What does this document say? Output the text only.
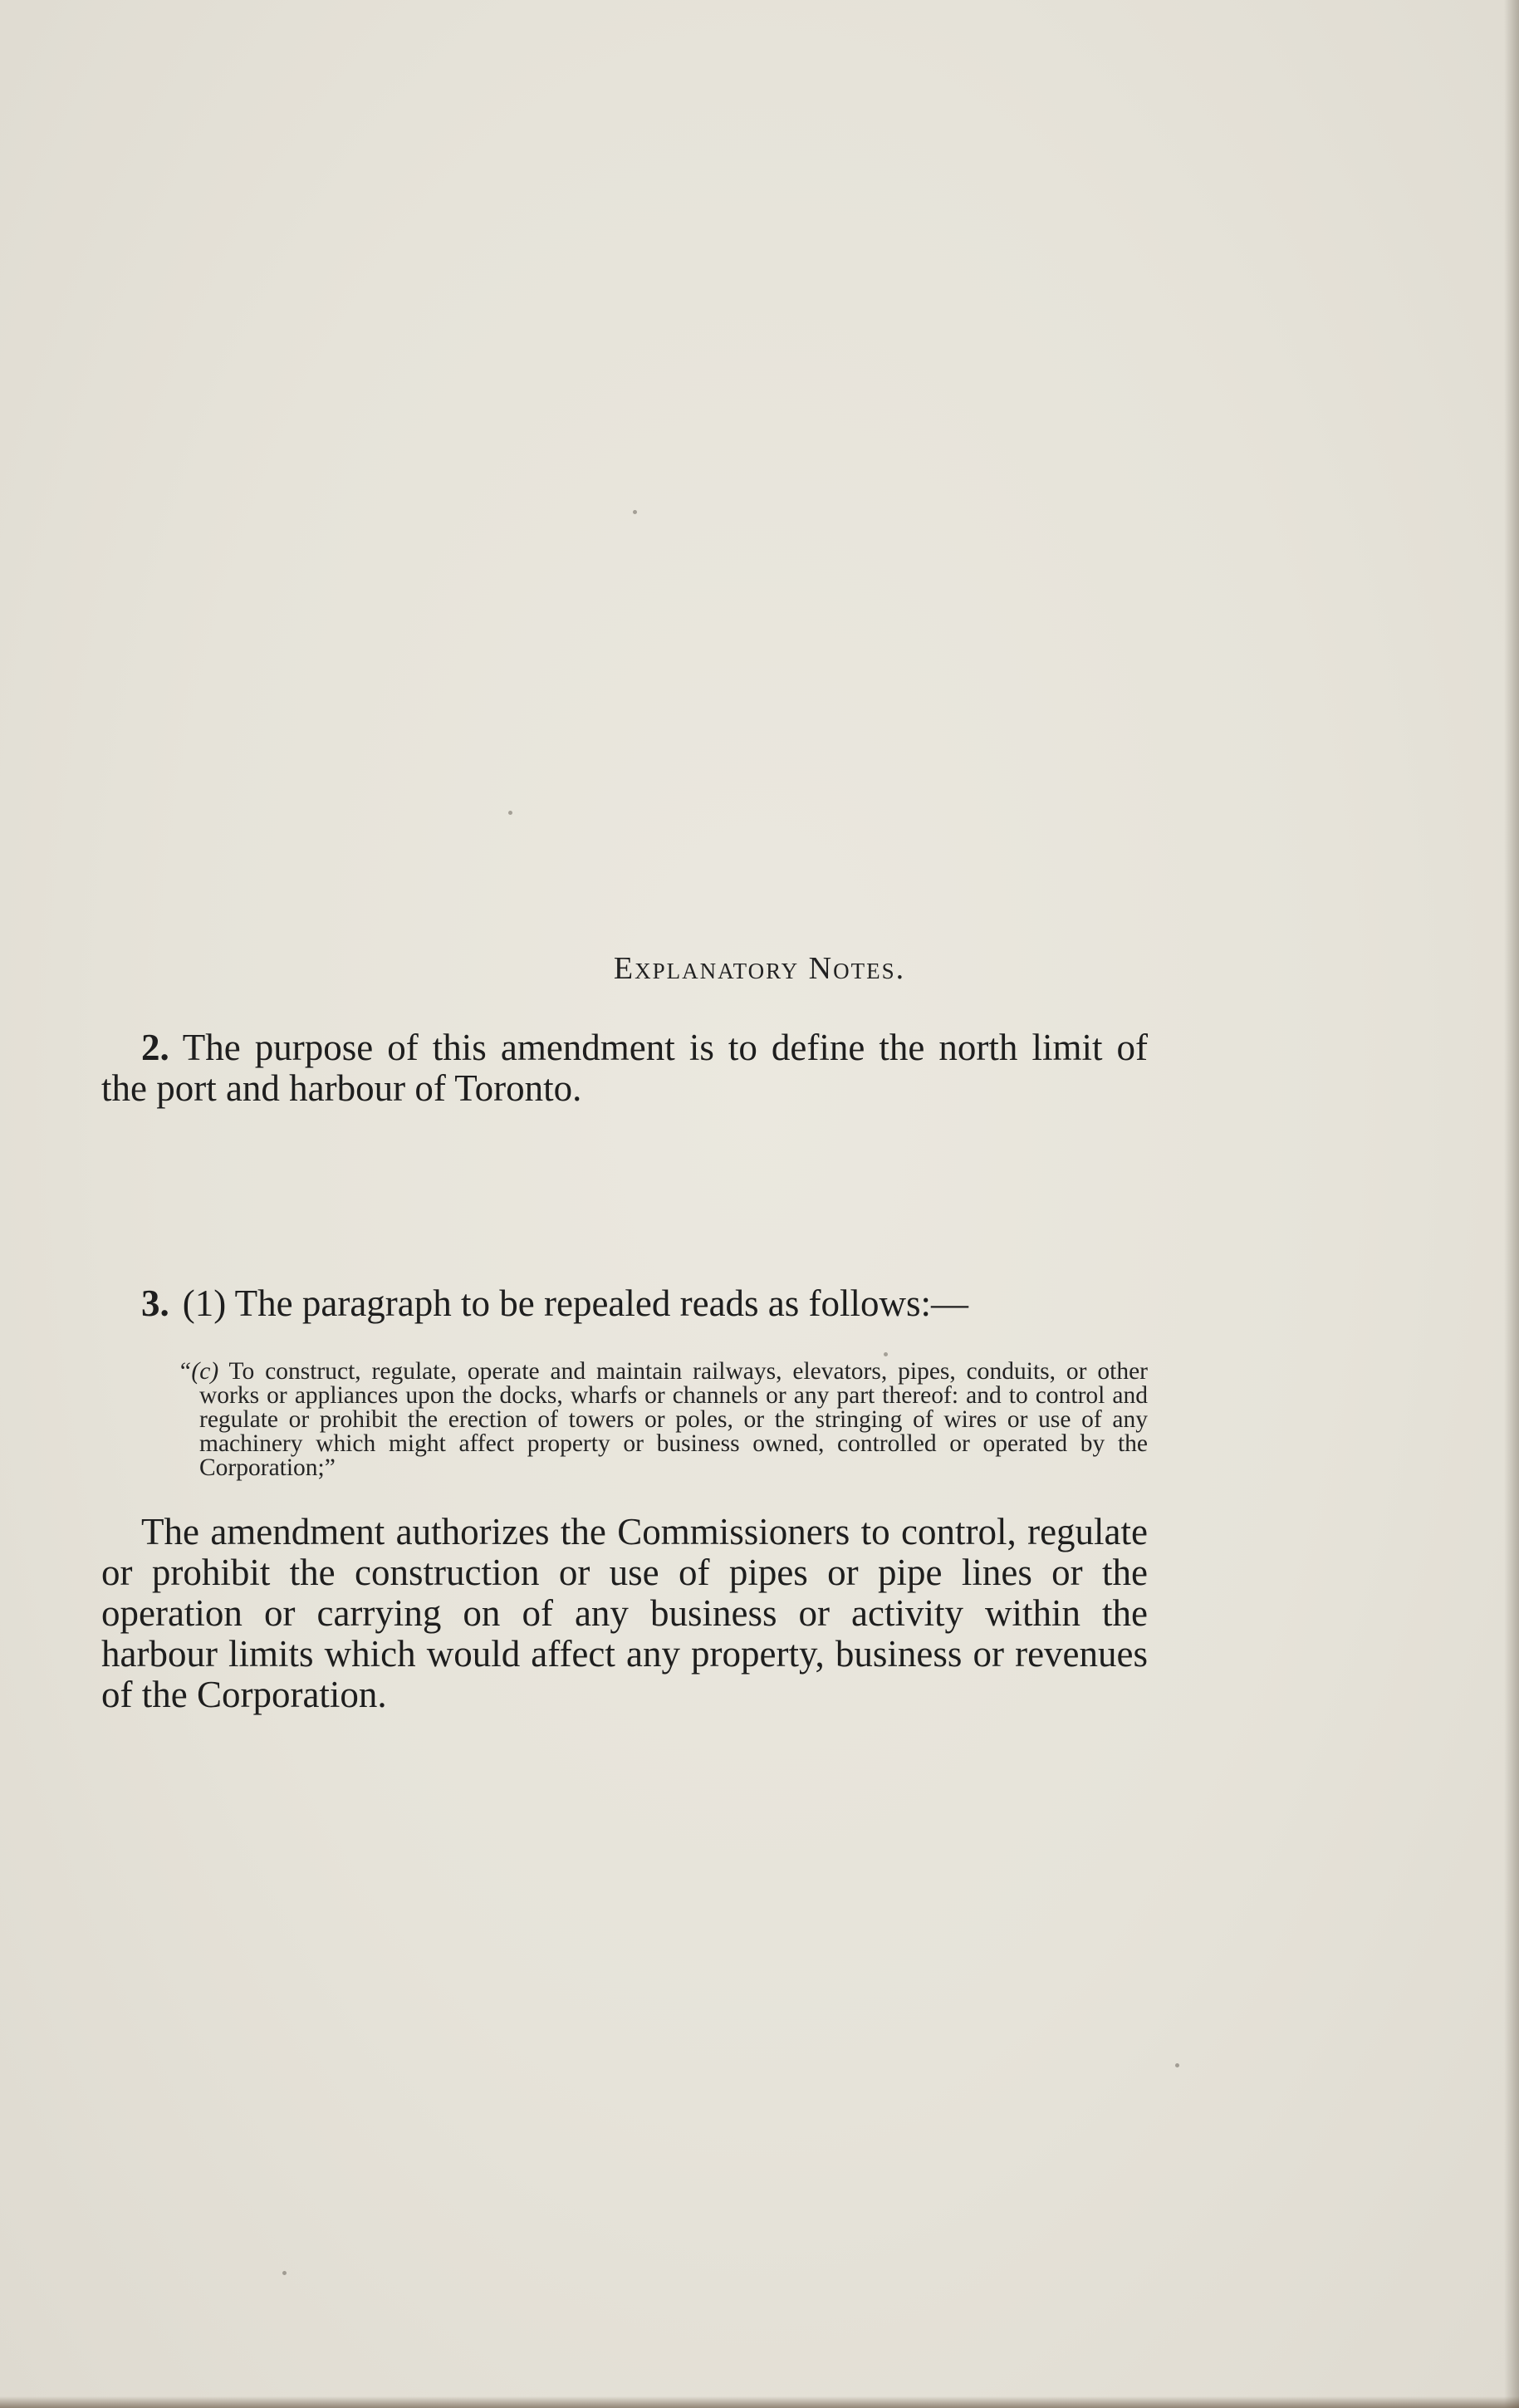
Explanatory Notes.
2. The purpose of this amendment is to define the north limit of the port and harbour of Toronto.
3. (1) The paragraph to be repealed reads as follows:—
“(c) To construct, regulate, operate and maintain railways, elevators, pipes, conduits, or other works or appliances upon the docks, wharfs or channels or any part thereof: and to control and regulate or prohibit the erection of towers or poles, or the stringing of wires or use of any machinery which might affect property or business owned, controlled or operated by the Corporation;”
The amendment authorizes the Commissioners to control, regulate or prohibit the construction or use of pipes or pipe lines or the operation or carrying on of any business or activity within the harbour limits which would affect any property, business or revenues of the Corporation.
